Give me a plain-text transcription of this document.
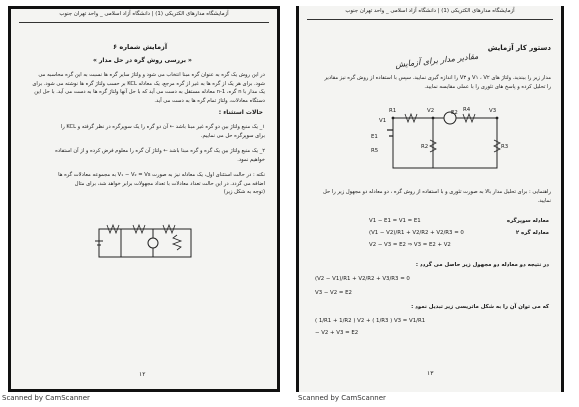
آزمایشگاه مدارهای الکتریکی (1) | دانشگاه آزاد اسلامی _ واحد تهران جنوب
آزمایش شماره ۶
« بررسی روش گره در حل مدار »
در این روش یک گره به عنوان گره مبنا انتخاب می شود و ولتاژ سایر گره ها نسبت به این گره محاسبه می
شود. برای هر یک از گره ها به غیر از گره مرجع، یک معادله KCL بر حسب ولتاژ گره ها نوشته می شود. برای
یک مدار با n گره، n-1 معادله مستقل به دست می آید که با حل آنها ولتاژ گره ها به دست می آید. با حل این
دستگاه معادلات، ولتاژ تمام گره ها به دست می آید.
حالات استثناء :
۱_ یک منبع ولتاژ بین دو گره غیر مبنا باشد ← آن دو گره را یک سوپرگره در نظر گرفته و KCL را
برای سوپرگره حل می نماییم.
۲_ یک منبع ولتاژ بین یک گره و گره مبنا باشد ← ولتاژ آن گره را معلوم فرض کرده و از آن استفاده
خواهیم نمود.
نکته : در حالت استثنای اول، یک معادله نیز به صورت V₁ − V₂ = Vs به مجموعه معادلات گره ها
اضافه می گردد. در این حالت تعداد معادلات با تعداد مجهولات برابر خواهد شد، برای مثال
(توجه به شکل زیر)
۱۲
آزمایشگاه مدارهای الکتریکی (1) | دانشگاه آزاد اسلامی _ واحد تهران جنوب
دستور کار آزمایش
مقادیر مدار برای آزمایش
مدار زیر را ببندید. ولتاژ های V۱ ، V۲ و V۳ را اندازه گیری نمایید. سپس با استفاده از روش گره نیز مقادیر
را تحلیل کرده و پاسخ های تئوری را با عملی مقایسه نمایید.
R1	V2	E2	V3
R4
V1
E1
R5
R2	R3
راهنمایی : برای تحلیل مدار بالا به صورت تئوری و با استفاده از روش گره ، دو معادله دو مجهول زیر را حل
نمایید.
V1 − E1 = V1 = E1	معادله سوپرگره
(V1 − V2)/R1 + V2/R2 + V2/R3 = 0	معادله گره ۲
V2 − V3 = E2 ⇒ V3 = E2 + V2
در نتیجه دو معادله دو مجهول زیر حاصل می گردد :
(V2 − V1)/R1 + V2/R2 + V3/R3 = 0
V3 − V2 = E2
که می توان آن را به شکل ماتریسی زیر تبدیل نمود :
( 1/R1 + 1/R2 ) V2 + ( 1/R3 ) V3 = V1/R1
− V2 + V3 = E2
۱۳
Scanned by CamScanner	Scanned by CamScanner
